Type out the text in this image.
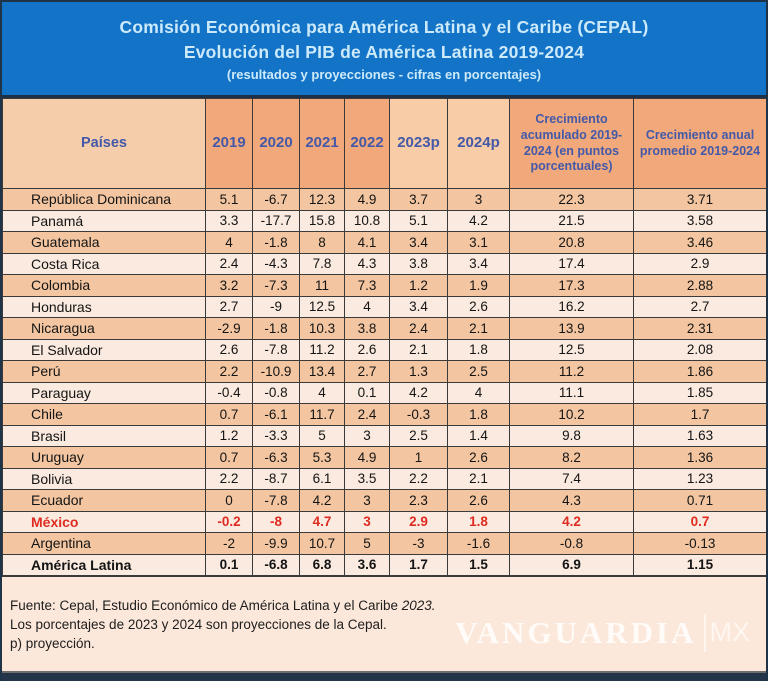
Comisión Económica para América Latina y el Caribe (CEPAL)
Evolución del PIB de América Latina 2019-2024
(resultados y proyecciones - cifras en porcentajes)
Países	2019	2020	2021	2022	2023p	2024p	Crecimiento acumulado 2019-2024 (en puntos porcentuales)	Crecimiento anual promedio 2019-2024
República Dominicana	5.1	-6.7	12.3	4.9	3.7	3	22.3	3.71
Panamá	3.3	-17.7	15.8	10.8	5.1	4.2	21.5	3.58
Guatemala	4	-1.8	8	4.1	3.4	3.1	20.8	3.46
Costa Rica	2.4	-4.3	7.8	4.3	3.8	3.4	17.4	2.9
Colombia	3.2	-7.3	11	7.3	1.2	1.9	17.3	2.88
Honduras	2.7	-9	12.5	4	3.4	2.6	16.2	2.7
Nicaragua	-2.9	-1.8	10.3	3.8	2.4	2.1	13.9	2.31
El Salvador	2.6	-7.8	11.2	2.6	2.1	1.8	12.5	2.08
Perú	2.2	-10.9	13.4	2.7	1.3	2.5	11.2	1.86
Paraguay	-0.4	-0.8	4	0.1	4.2	4	11.1	1.85
Chile	0.7	-6.1	11.7	2.4	-0.3	1.8	10.2	1.7
Brasil	1.2	-3.3	5	3	2.5	1.4	9.8	1.63
Uruguay	0.7	-6.3	5.3	4.9	1	2.6	8.2	1.36
Bolivia	2.2	-8.7	6.1	3.5	2.2	2.1	7.4	1.23
Ecuador	0	-7.8	4.2	3	2.3	2.6	4.3	0.71
México	-0.2	-8	4.7	3	2.9	1.8	4.2	0.7
Argentina	-2	-9.9	10.7	5	-3	-1.6	-0.8	-0.13
América Latina	0.1	-6.8	6.8	3.6	1.7	1.5	6.9	1.15
Fuente: Cepal, Estudio Económico de América Latina y el Caribe 2023.
Los porcentajes de 2023 y 2024 son proyecciones de la Cepal.
p) proyección.	VANGUARDIA MX
